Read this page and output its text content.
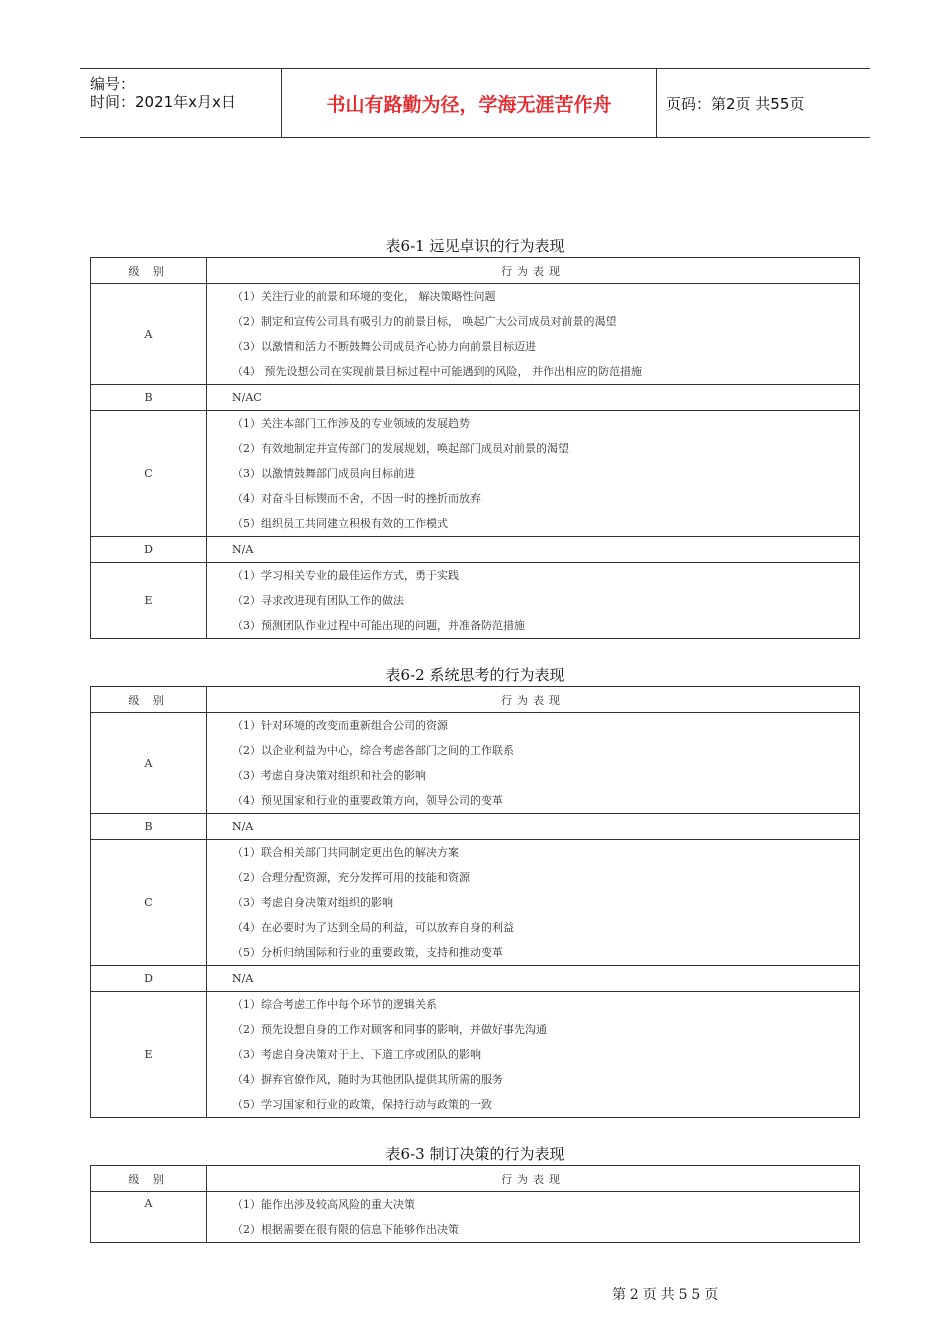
编号：
时间：2021年x月x日	书山有路勤为径，学海无涯苦作舟	页码：第2页 共55页
表6-1 远见卓识的行为表现
级 别	行为表现
A	（1）关注行业的前景和环境的变化， 解决策略性问题
（2）制定和宣传公司具有吸引力的前景目标， 唤起广大公司成员对前景的渴望
（3）以激情和活力不断鼓舞公司成员齐心协力向前景目标迈进
（4） 预先设想公司在实现前景目标过程中可能遇到的风险， 并作出相应的防范措施

B	N/AC

C	（1）关注本部门工作涉及的专业领域的发展趋势
（2）有效地制定并宣传部门的发展规划，唤起部门成员对前景的渴望
（3）以激情鼓舞部门成员向目标前进
（4）对奋斗目标锲而不舍，不因一时的挫折而放弃
（5）组织员工共同建立积极有效的工作模式

D	N/A

E	（1）学习相关专业的最佳运作方式，勇于实践
（2）寻求改进现有团队工作的做法
（3）预测团队作业过程中可能出现的问题，并准备防范措施
表6-2 系统思考的行为表现
级 别	行为表现
A	（1）针对环境的改变而重新组合公司的资源
（2）以企业利益为中心，综合考虑各部门之间的工作联系
（3）考虑自身决策对组织和社会的影响
（4）预见国家和行业的重要政策方向，领导公司的变革

B	N/A

C	（1）联合相关部门共同制定更出色的解决方案
（2）合理分配资源，充分发挥可用的技能和资源
（3）考虑自身决策对组织的影响
（4）在必要时为了达到全局的利益，可以放弃自身的利益
（5）分析归纳国际和行业的重要政策，支持和推动变革

D	N/A

E	（1）综合考虑工作中每个环节的逻辑关系
（2）预先设想自身的工作对顾客和同事的影响，并做好事先沟通
（3）考虑自身决策对于上、下道工序或团队的影响
（4）摒弃官僚作风，随时为其他团队提供其所需的服务
（5）学习国家和行业的政策，保持行动与政策的一致
表6-3 制订决策的行为表现
级 别	行为表现
A	（1）能作出涉及较高风险的重大决策
（2）根据需要在很有限的信息下能够作出决策
第2页共55页
